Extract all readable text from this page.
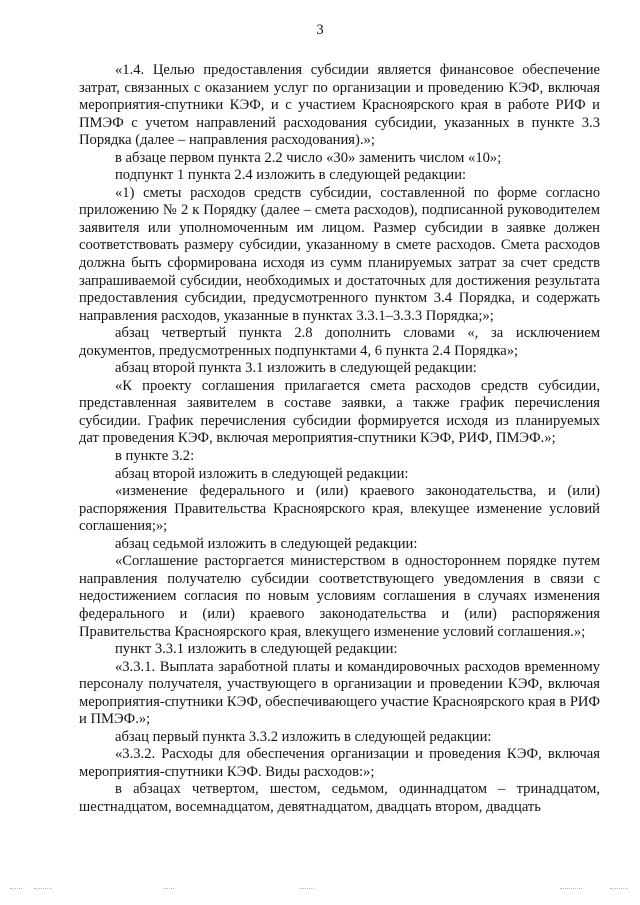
3

«1.4. Целью предоставления субсидии является финансовое обеспечение затрат, связанных с оказанием услуг по организации и проведению КЭФ, включая мероприятия-спутники КЭФ, и с участием Красноярского края в работе РИФ и ПМЭФ с учетом направлений расходования субсидии, указанных в пункте 3.3 Порядка (далее – направления расходования).»;

в абзаце первом пункта 2.2 число «30» заменить числом «10»;

подпункт 1 пункта 2.4 изложить в следующей редакции:

«1) сметы расходов средств субсидии, составленной по форме согласно приложению № 2 к Порядку (далее – смета расходов), подписанной руководителем заявителя или уполномоченным им лицом. Размер субсидии в заявке должен соответствовать размеру субсидии, указанному в смете расходов. Смета расходов должна быть сформирована исходя из сумм планируемых затрат за счет средств запрашиваемой субсидии, необходимых и достаточных для достижения результата предоставления субсидии, предусмотренного пунктом 3.4 Порядка, и содержать направления расходов, указанные в пунктах 3.3.1–3.3.3 Порядка;»;

абзац четвертый пункта 2.8 дополнить словами «, за исключением документов, предусмотренных подпунктами 4, 6 пункта 2.4 Порядка»;

абзац второй пункта 3.1 изложить в следующей редакции:

«К проекту соглашения прилагается смета расходов средств субсидии, представленная заявителем в составе заявки, а также график перечисления субсидии. График перечисления субсидии формируется исходя из планируемых дат проведения КЭФ, включая мероприятия-спутники КЭФ, РИФ, ПМЭФ.»;

в пункте 3.2:

абзац второй изложить в следующей редакции:

«изменение федерального и (или) краевого законодательства, и (или) распоряжения Правительства Красноярского края, влекущее изменение условий соглашения;»;

абзац седьмой изложить в следующей редакции:

«Соглашение расторгается министерством в одностороннем порядке путем направления получателю субсидии соответствующего уведомления в связи с недостижением согласия по новым условиям соглашения в случаях изменения федерального и (или) краевого законодательства и (или) распоряжения Правительства Красноярского края, влекущего изменение условий соглашения.»;

пункт 3.3.1 изложить в следующей редакции:

«3.3.1. Выплата заработной платы и командировочных расходов временному персоналу получателя, участвующего в организации и проведении КЭФ, включая мероприятия-спутники КЭФ, обеспечивающего участие Красноярского края в РИФ и ПМЭФ.»;

абзац первый пункта 3.3.2 изложить в следующей редакции:

«3.3.2. Расходы для обеспечения организации и проведения КЭФ, включая мероприятия-спутники КЭФ. Виды расходов:»;

в абзацах четвертом, шестом, седьмом, одиннадцатом – тринадцатом, шестнадцатом, восемнадцатом, девятнадцатом, двадцать втором, двадцать
